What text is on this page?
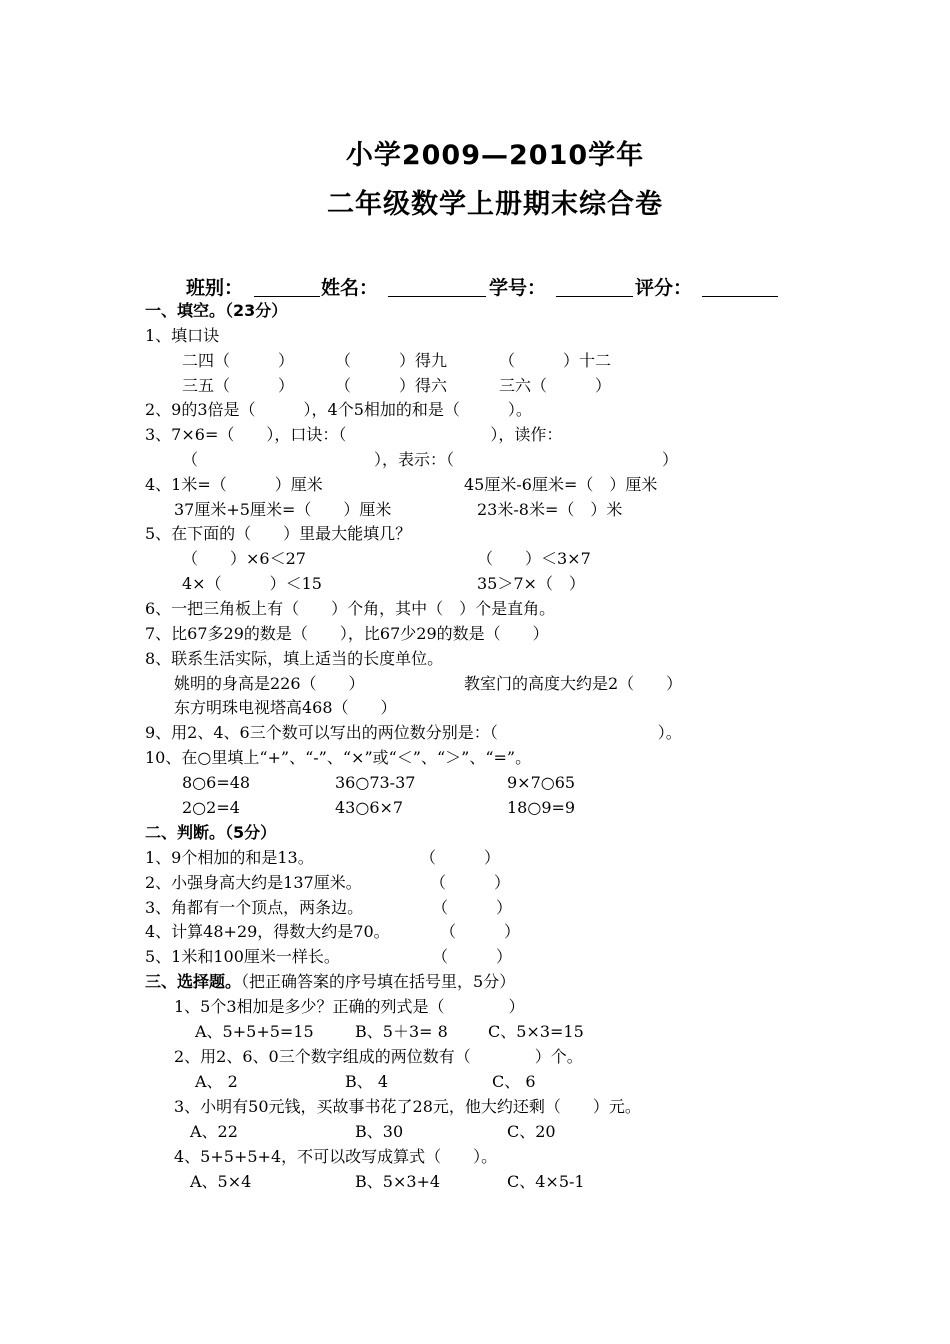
小学2009—2010学年
二年级数学上册期末综合卷
班别：	姓名：	学号：	评分：
一、填空。（23分）
1、填口诀
二四（　　　）	（　　　）得九	（　　　）十二
三五（　　　）	（　　　）得六	三六（　　　）
2、9的3倍是（　　　），4个5相加的和是（　　　）。
3、7×6=（　　），口诀：（　　　　　　　　　），读作：
（　　　　　　　　　　　），表示：（　　　　　　　　　　　　　）
4、1米=（　　　）厘米	45厘米-6厘米=（　）厘米
37厘米+5厘米=（　　）厘米	23米-8米=（　）米
5、在下面的（　　）里最大能填几？
（　　）×6＜27	（　　）＜3×7
4×（　　　）＜15	35＞7×（　）
6、一把三角板上有（　　）个角，其中（　）个是直角。
7、比67多29的数是（　　），比67少29的数是（　　）
8、联系生活实际，填上适当的长度单位。
姚明的身高是226（　　）	教室门的高度大约是2（　　）
东方明珠电视塔高468（　　）
9、用2、4、6三个数可以写出的两位数分别是：（　　　　　　　　　　）。
10、在○里填上“+”、“-”、“×”或“＜”、“＞”、“=”。
8○6=48	36○73-37	9×7○65
2○2=4	43○6×7	18○9=9
二、判断。（5分）
1、9个相加的和是13。	（　　　）
2、小强身高大约是137厘米。	（　　　）
3、角都有一个顶点，两条边。	（　　　）
4、计算48+29，得数大约是70。	（　　　）
5、1米和100厘米一样长。	（　　　）
三、选择题。（把正确答案的序号填在括号里，5分）
1、5个3相加是多少？正确的列式是（　　　　）
A、5+5+5=15	B、5＋3= 8	C、5×3=15
2、用2、6、0三个数字组成的两位数有（　　　　）个。
A、 2	B、 4	C、 6
3、小明有50元钱，买故事书花了28元，他大约还剩（　　）元。
A、22	B、30	C、20
4、5+5+5+4，不可以改写成算式（　　）。
A、5×4	B、5×3+4	C、4×5-1
